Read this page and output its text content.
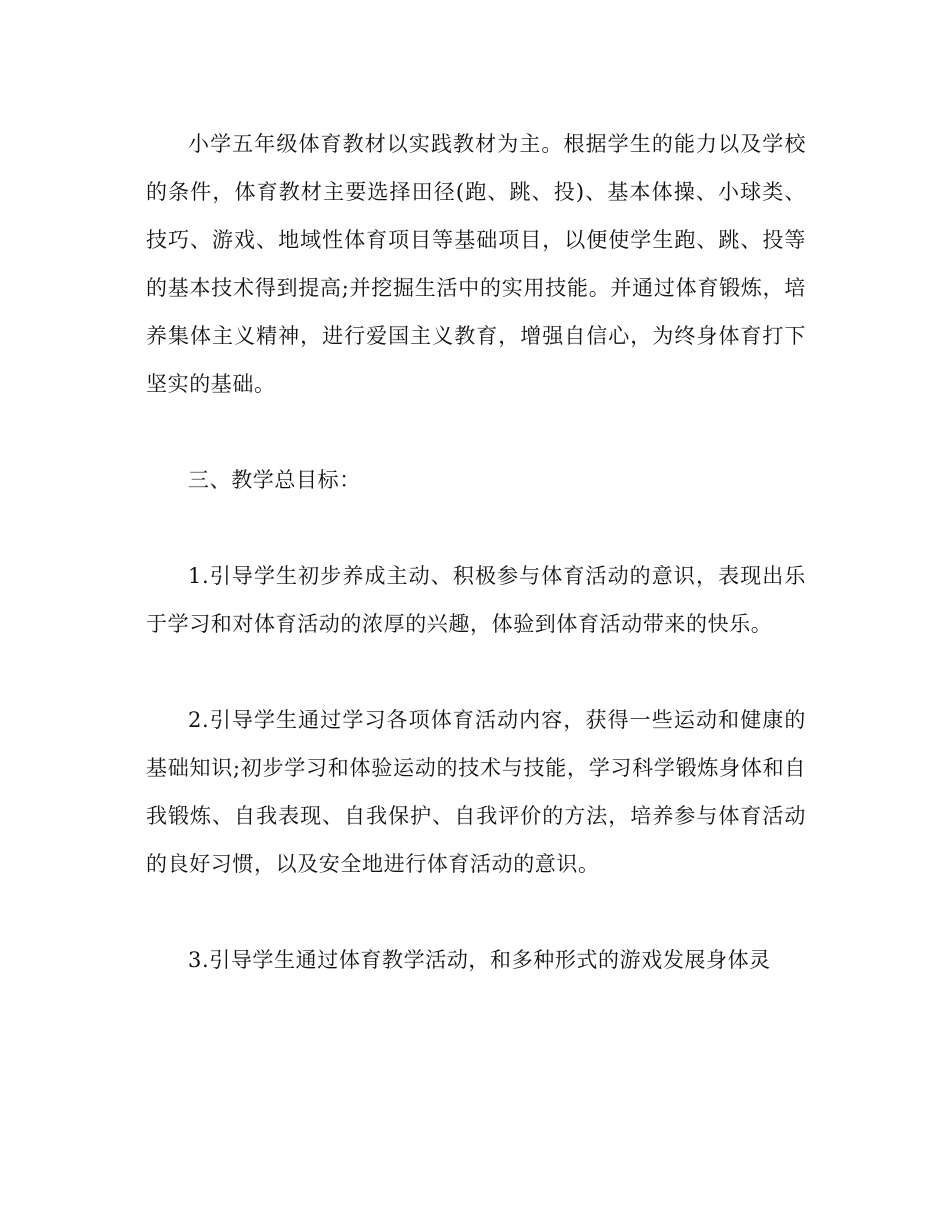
小学五年级体育教材以实践教材为主。根据学生的能力以及学校的条件，体育教材主要选择田径(跑、跳、投)、基本体操、小球类、技巧、游戏、地域性体育项目等基础项目，以便使学生跑、跳、投等的基本技术得到提高;并挖掘生活中的实用技能。并通过体育锻炼，培养集体主义精神，进行爱国主义教育，增强自信心，为终身体育打下坚实的基础。

三、教学总目标：

1.引导学生初步养成主动、积极参与体育活动的意识，表现出乐于学习和对体育活动的浓厚的兴趣，体验到体育活动带来的快乐。

2.引导学生通过学习各项体育活动内容，获得一些运动和健康的基础知识;初步学习和体验运动的技术与技能，学习科学锻炼身体和自我锻炼、自我表现、自我保护、自我评价的方法，培养参与体育活动的良好习惯，以及安全地进行体育活动的意识。

3.引导学生通过体育教学活动，和多种形式的游戏发展身体灵
